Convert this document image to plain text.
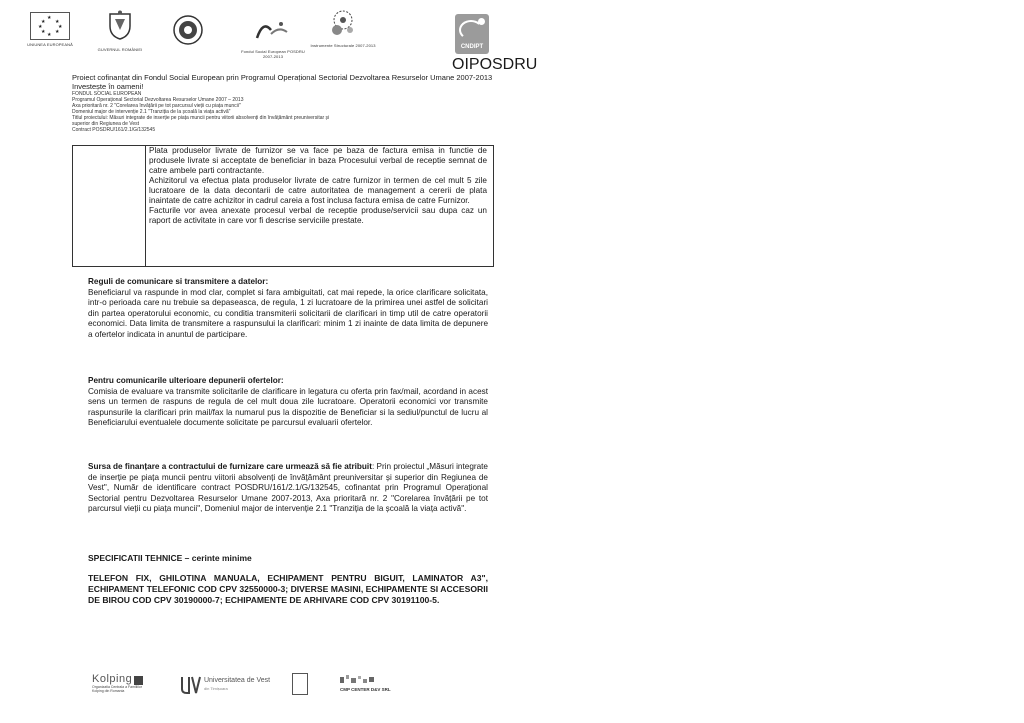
★
★ ★
★	★
★ ★
★
UNIUNEA EUROPEANĂ
GUVERNUL ROMÂNIEI	Fondul Social European POSDRU 2007-2013
Instrumente Structurale 2007-2013	CNDIPT
OIPOSDRU
Proiect cofinanțat din Fondul Social European prin Programul Operațional Sectorial Dezvoltarea Resurselor Umane 2007-2013
Investește în oameni!
FONDUL SOCIAL EUROPEAN
Programul Operațional Sectorial Dezvoltarea Resurselor Umane 2007 – 2013
Axa prioritară nr. 2 "Corelarea învățării pe tot parcursul vieții cu piața muncii"
Domeniul major de intervenție 2.1 "Tranziția de la școală la viața activă"
Titlul proiectului: Măsuri integrate de inserție pe piața muncii pentru viitorii absolvenți din învățământ preuniversitar și
superior din Regiunea de Vest
Contract POSDRU/161/2.1/G/132545

Plata produselor livrate de furnizor se va face pe baza de factura emisa in functie de produsele livrate si acceptate de beneficiar in baza Procesului verbal de receptie semnat de catre ambele parti contractante.

Achizitorul va efectua plata produselor livrate de catre furnizor in termen de cel mult 5 zile lucratoare de la data decontarii de catre autoritatea de management a cererii de plata inaintate de catre achizitor in cadrul careia a fost inclusa factura emisa de catre Furnizor.

Facturile vor avea anexate procesul verbal de receptie produse/servicii sau dupa caz un raport de activitate in care vor fi descrise serviciile prestate.

Reguli de comunicare si transmitere a datelor:
Beneficiarul va raspunde in mod clar, complet si fara ambiguitati, cat mai repede, la orice clarificare solicitata, intr-o perioada care nu trebuie sa depaseasca, de regula, 1 zi lucratoare de la primirea unei astfel de solicitari din partea operatorului economic, cu conditia transmiterii solicitarii de clarificari in timp util de catre operatorii economici. Data limita de transmitere a raspunsului la clarificari: minim 1 zi inainte de data limita de depunere a ofertelor indicata in anuntul de participare.
Pentru comunicarile ulterioare depunerii ofertelor:
Comisia de evaluare va transmite solicitarile de clarificare in legatura cu oferta prin fax/mail, acordand in acest sens un termen de raspuns de regula de cel mult doua zile lucratoare. Operatorii economici vor transmite raspunsurile la clarificari prin mail/fax la numarul pus la dispozitie de Beneficiar si la sediul/punctul de lucru al Beneficiarului eventualele documente solicitate pe parcursul evaluarii ofertelor.
Sursa de finanțare a contractului de furnizare care urmează să fie atribuit: Prin proiectul „Măsuri integrate de inserție pe piața muncii pentru viitorii absolvenți de învățământ preuniversitar și superior din Regiunea de Vest", Număr de identificare contract POSDRU/161/2.1/G/132545, cofinantat prin Programul Operațional Sectorial pentru Dezvoltarea Resurselor Umane 2007-2013, Axa prioritară nr. 2 "Corelarea învățării pe tot parcursul vieții cu piața muncii", Domeniul major de intervenție 2.1 "Tranziția de la școală la viața activă".
SPECIFICATII TEHNICE – cerinte minime
TELEFON FIX, GHILOTINA MANUALA, ECHIPAMENT PENTRU BIGUIT, LAMINATOR A3", ECHIPAMENT TELEFONIC COD CPV 32550000-3; DIVERSE MASINI, ECHIPAMENTE SI ACCESORII DE BIROU COD CPV 30190000-7; ECHIPAMENTE DE ARHIVARE COD CPV 30191100-5.
Kolping
Organizatia Centrala a Familiilor
Kolping din Romania

Universitatea de Vest
din Timișoara	CMP CENTER D&V SRL
